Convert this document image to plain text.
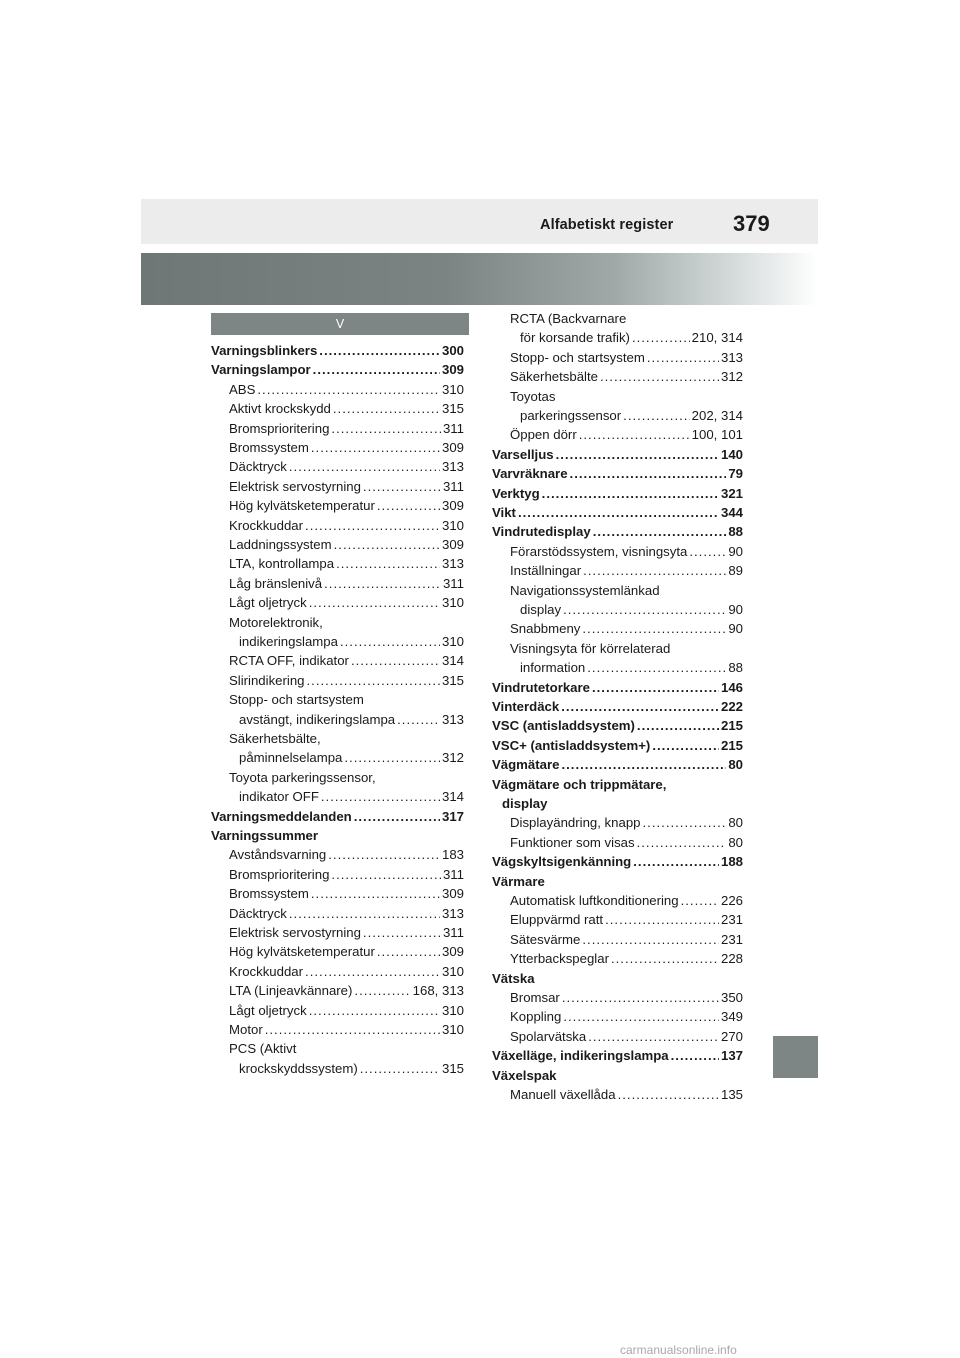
Alfabetiskt register	379
V
Varningsblinkers .....	300
Varningslampor .....	309
ABS .....	310
Aktivt krockskydd .....	315
Bromsprioritering .....	311
Bromssystem .....	309
Däcktryck .....	313
Elektrisk servostyrning .....	311
Hög kylvätsketemperatur .....	309
Krockkuddar .....	310
Laddningssystem .....	309
LTA, kontrollampa .....	313
Låg bränslenivå .....	311
Lågt oljetryck .....	310
Motorelektronik,
indikeringslampa .....	310
RCTA OFF, indikator .....	314
Slirindikering .....	315
Stopp- och startsystem
avstängt, indikeringslampa .....	313
Säkerhetsbälte,
påminnelselampa .....	312
Toyota parkeringssensor,
indikator OFF .....	314
Varningsmeddelanden .....	317
Varningssummer
Avståndsvarning .....	183
Bromsprioritering .....	311
Bromssystem .....	309
Däcktryck .....	313
Elektrisk servostyrning .....	311
Hög kylvätsketemperatur .....	309
Krockkuddar .....	310
LTA (Linjeavkännare) .....	168, 313
Lågt oljetryck .....	310
Motor .....	310
PCS (Aktivt
krockskyddssystem) .....	315
RCTA (Backvarnare
för korsande trafik) .....	210, 314
Stopp- och startsystem .....	313
Säkerhetsbälte .....	312
Toyotas
parkeringssensor .....	202, 314
Öppen dörr .....	100, 101
Varselljus .....	140
Varvräknare .....	79
Verktyg .....	321
Vikt .....	344
Vindrutedisplay .....	88
Förarstödssystem, visningsyta .....	90
Inställningar .....	89
Navigationssystemlänkad
display .....	90
Snabbmeny .....	90
Visningsyta för körrelaterad
information .....	88
Vindrutetorkare .....	146
Vinterdäck .....	222
VSC (antisladdsystem) .....	215
VSC+ (antisladdsystem+) .....	215
Vägmätare .....	80
Vägmätare och trippmätare,
display
Displayändring, knapp .....	80
Funktioner som visas .....	80
Vägskyltsigenkänning .....	188
Värmare
Automatisk luftkonditionering .....	226
Eluppvärmd ratt .....	231
Sätesvärme .....	231
Ytterbackspeglar .....	228
Vätska
Bromsar .....	350
Koppling .....	349
Spolarvätska .....	270
Växelläge, indikeringslampa .....	137
Växelspak
Manuell växellåda .....	135
carmanualsonline.info
